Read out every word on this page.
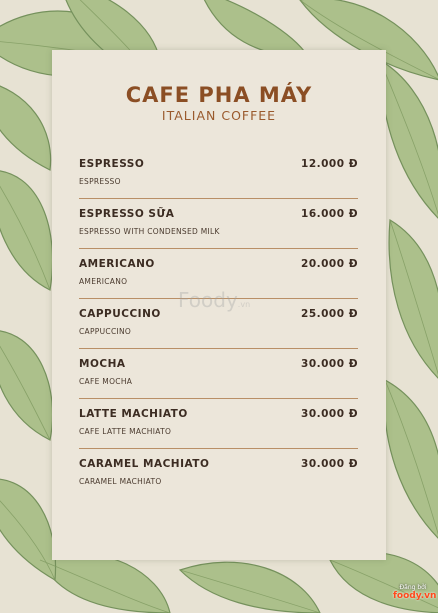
CAFE PHA MÁY
ITALIAN COFFEE
ESPRESSO	12.000 Đ
ESPRESSO
ESPRESSO SỮA	16.000 Đ
ESPRESSO WITH CONDENSED MILK
AMERICANO	20.000 Đ
AMERICANO
CAPPUCCINO	25.000 Đ
CAPPUCCINO
MOCHA	30.000 Đ
CAFE MOCHA
LATTE MACHIATO	30.000 Đ
CAFE LATTE MACHIATO
CARAMEL MACHIATO	30.000 Đ
CARAMEL MACHIATO
Foody.vn
Đăng bởi
foody.vn
